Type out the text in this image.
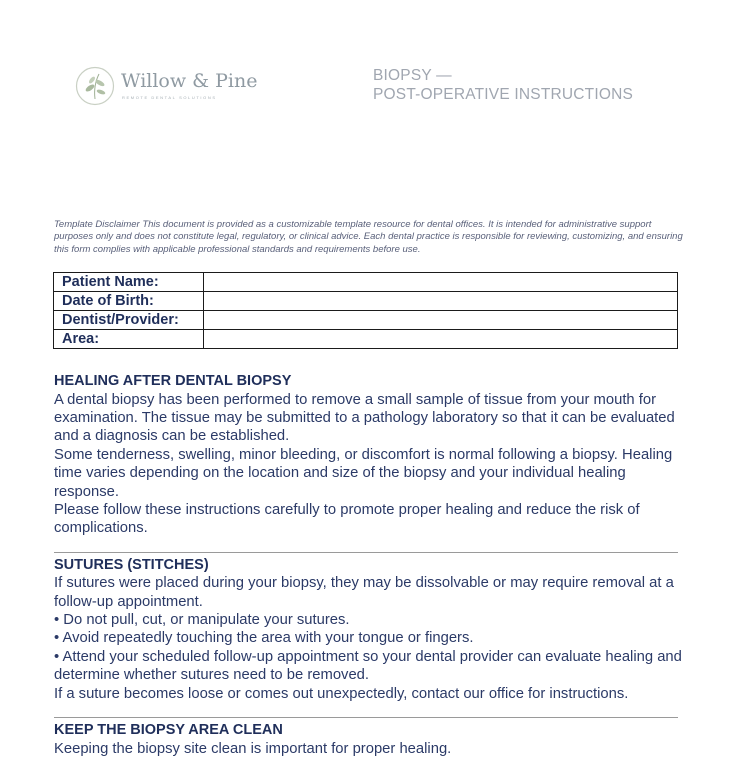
Willow & Pine
REMOTE DENTAL SOLUTIONS
BIOPSY —
POST-OPERATIVE INSTRUCTIONS
Template Disclaimer This document is provided as a customizable template resource for dental offices. It is intended for administrative support purposes only and does not constitute legal, regulatory, or clinical advice. Each dental practice is responsible for reviewing, customizing, and ensuring this form complies with applicable professional standards and requirements before use.
Patient Name:	
Date of Birth:	
Dentist/Provider:	
Area:	
HEALING AFTER DENTAL BIOPSY

A dental biopsy has been performed to remove a small sample of tissue from your mouth for examination. The tissue may be submitted to a pathology laboratory so that it can be evaluated and a diagnosis can be established.

Some tenderness, swelling, minor bleeding, or discomfort is normal following a biopsy. Healing time varies depending on the location and size of the biopsy and your individual healing response.

Please follow these instructions carefully to promote proper healing and reduce the risk of complications.

SUTURES (STITCHES)

If sutures were placed during your biopsy, they may be dissolvable or may require removal at a follow-up appointment.

• Do not pull, cut, or manipulate your sutures.

• Avoid repeatedly touching the area with your tongue or fingers.

• Attend your scheduled follow-up appointment so your dental provider can evaluate healing and determine whether sutures need to be removed.

If a suture becomes loose or comes out unexpectedly, contact our office for instructions.

KEEP THE BIOPSY AREA CLEAN

Keeping the biopsy site clean is important for proper healing.
